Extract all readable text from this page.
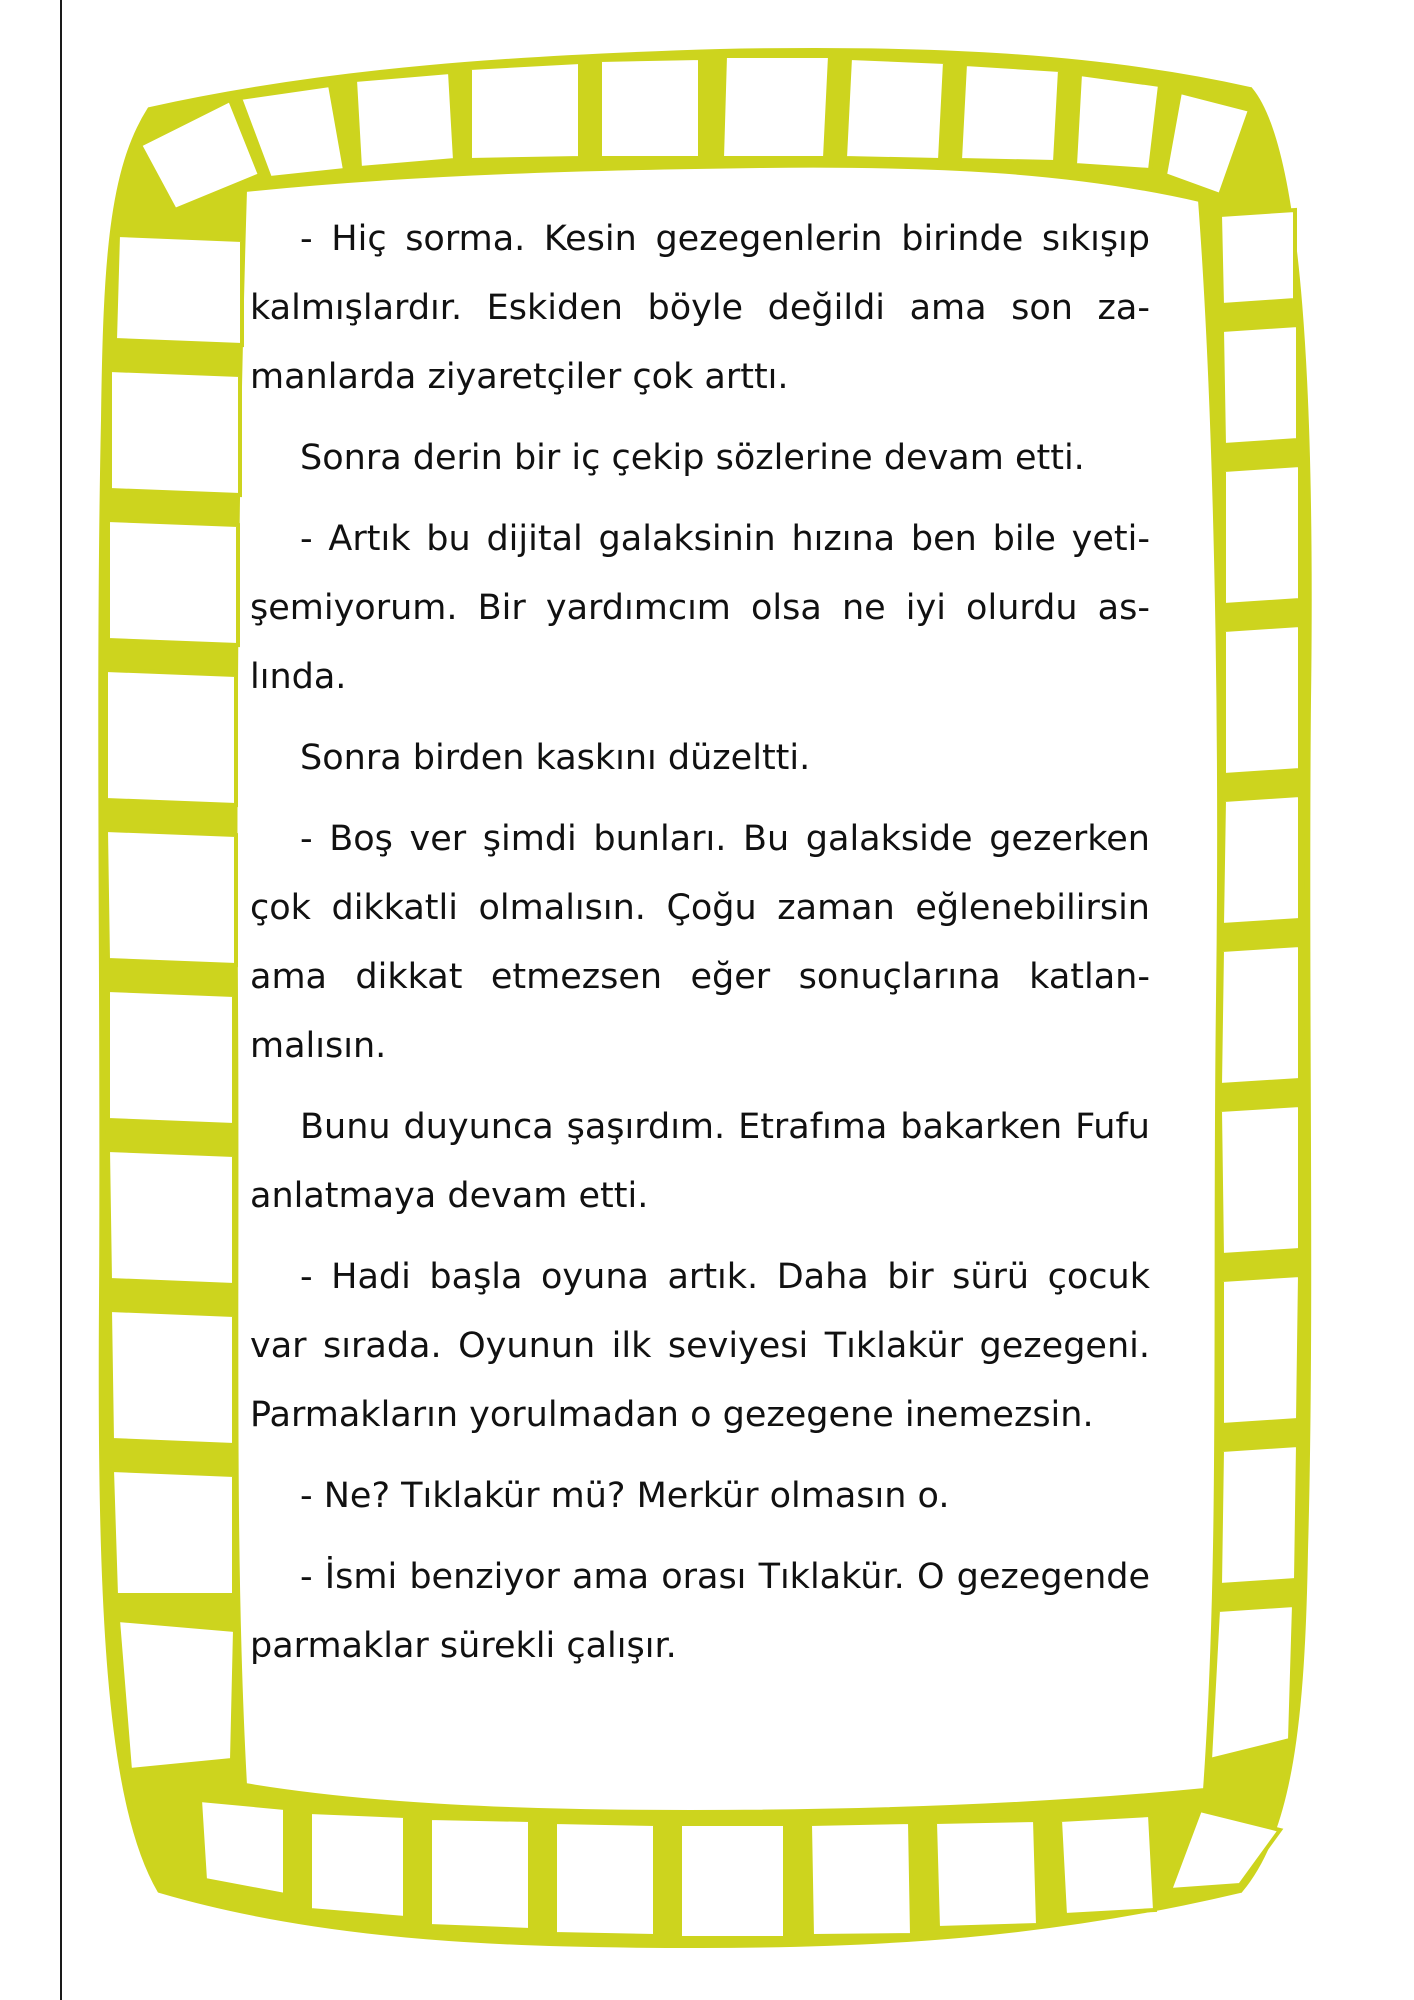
- Hiç sorma. Kesin gezegenlerin birinde sıkışıp kalmışlardır. Eskiden böyle değildi ama son zamanlarda ziyaretçiler çok arttı.

Sonra derin bir iç çekip sözlerine devam etti.

- Artık bu dijital galaksinin hızına ben bile yetişemiyorum. Bir yardımcım olsa ne iyi olurdu aslında.

Sonra birden kaskını düzeltti.

- Boş ver şimdi bunları. Bu galakside gezerken çok dikkatli olmalısın. Çoğu zaman eğlenebilirsin ama dikkat etmezsen eğer sonuçlarına katlanmalısın.

Bunu duyunca şaşırdım. Etrafıma bakarken Fufu anlatmaya devam etti.

- Hadi başla oyuna artık. Daha bir sürü çocuk var sırada. Oyunun ilk seviyesi Tıklakür gezegeni. Parmakların yorulmadan o gezegene inemezsin.

- Ne? Tıklakür mü? Merkür olmasın o.

- İsmi benziyor ama orası Tıklakür. O gezegende parmaklar sürekli çalışır.
